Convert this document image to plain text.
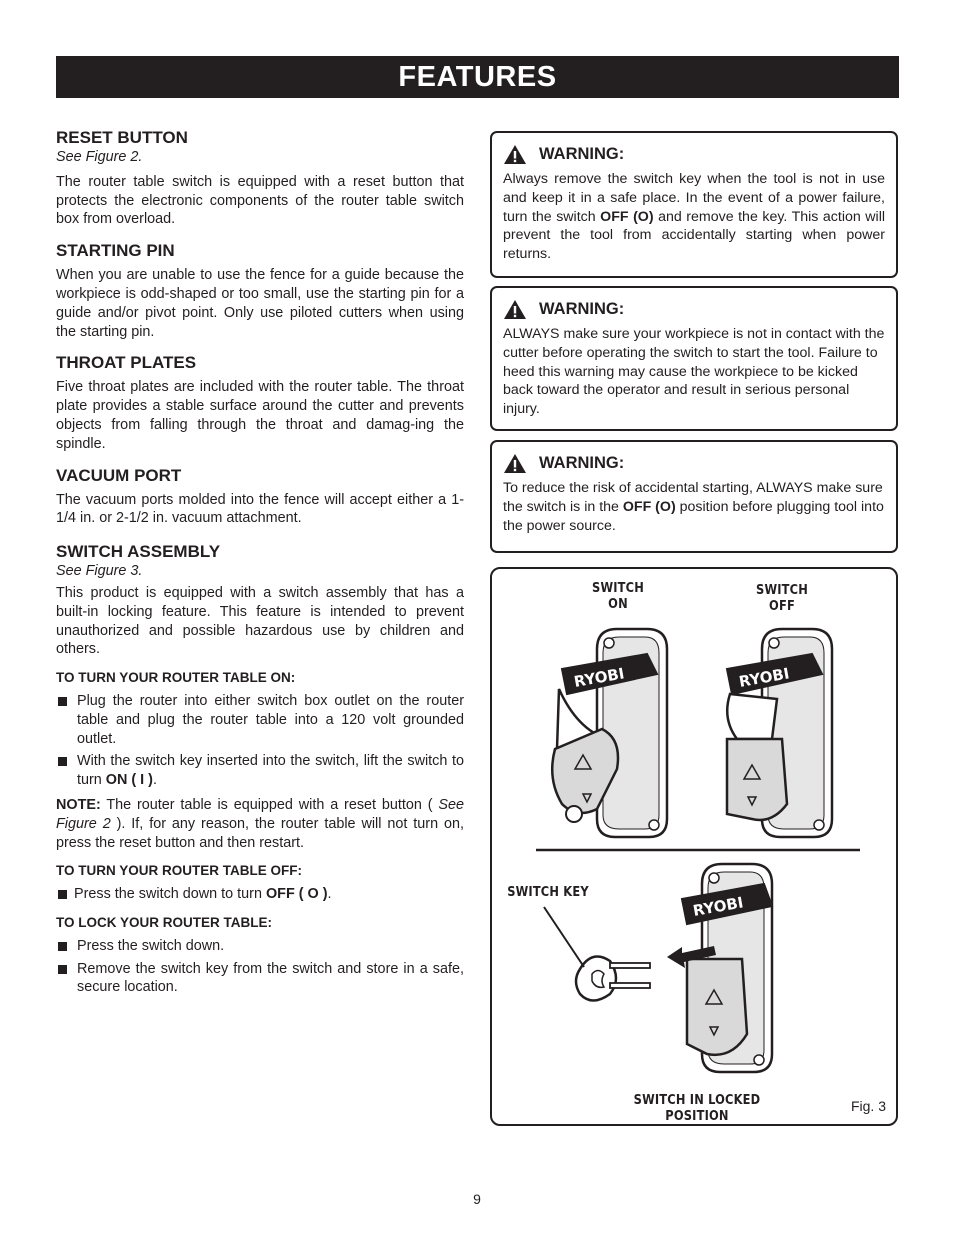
FEATURES
RESET BUTTON
See Figure 2.

The router table switch is equipped with a reset button that protects the electronic components of the router table switch box from overload.

STARTING PIN

When you are unable to use the fence for a guide because the workpiece is odd-shaped or too small, use the starting pin for a guide and/or pivot point. Only use piloted cutters when using the starting pin.

THROAT PLATES

Five throat plates are included with the router table. The throat plate provides a stable surface around the cutter and prevents objects from falling through the throat and damag-ing the spindle.

VACUUM PORT

The vacuum ports molded into the fence will accept either a 1-1/4 in. or 2-1/2 in. vacuum attachment.

SWITCH ASSEMBLY
See Figure 3.

This product is equipped with a switch assembly that has a built-in locking feature. This feature is intended to prevent unauthorized and possible hazardous use by children and others.

TO TURN YOUR ROUTER TABLE ON:
Plug the router into either switch box outlet on the router table and plug the router table into a 120 volt grounded outlet.
With the switch key inserted into the switch, lift the switch to turn ON ( I ).

NOTE: The router table is equipped with a reset button ( See Figure 2 ). If, for any reason, the router table will not turn on, press the reset button and then restart.

TO TURN YOUR ROUTER TABLE OFF:
Press the switch down to turn OFF ( O ).
TO LOCK YOUR ROUTER TABLE:
Press the switch down.
Remove the switch key from the switch and store in a safe, secure location.
WARNING:
Always remove the switch key when the tool is not in use and keep it in a safe place. In the event of a power failure, turn the switch OFF (O) and remove the key. This action will prevent the tool from accidentally starting when power returns.
WARNING:
ALWAYS make sure your workpiece is not in contact with the cutter before operating the switch to start the tool. Failure to heed this warning may cause the workpiece to be kicked back toward the operator and result in serious personal injury.
WARNING:
To reduce the risk of accidental starting, ALWAYS make sure the switch is in the OFF (O) position before plugging tool into the power source.
SWITCH
ON
SWITCH
OFF
SWITCH KEY
SWITCH IN LOCKED POSITION
RYOBI	RYOBI
RYOBI
Fig. 3
9
